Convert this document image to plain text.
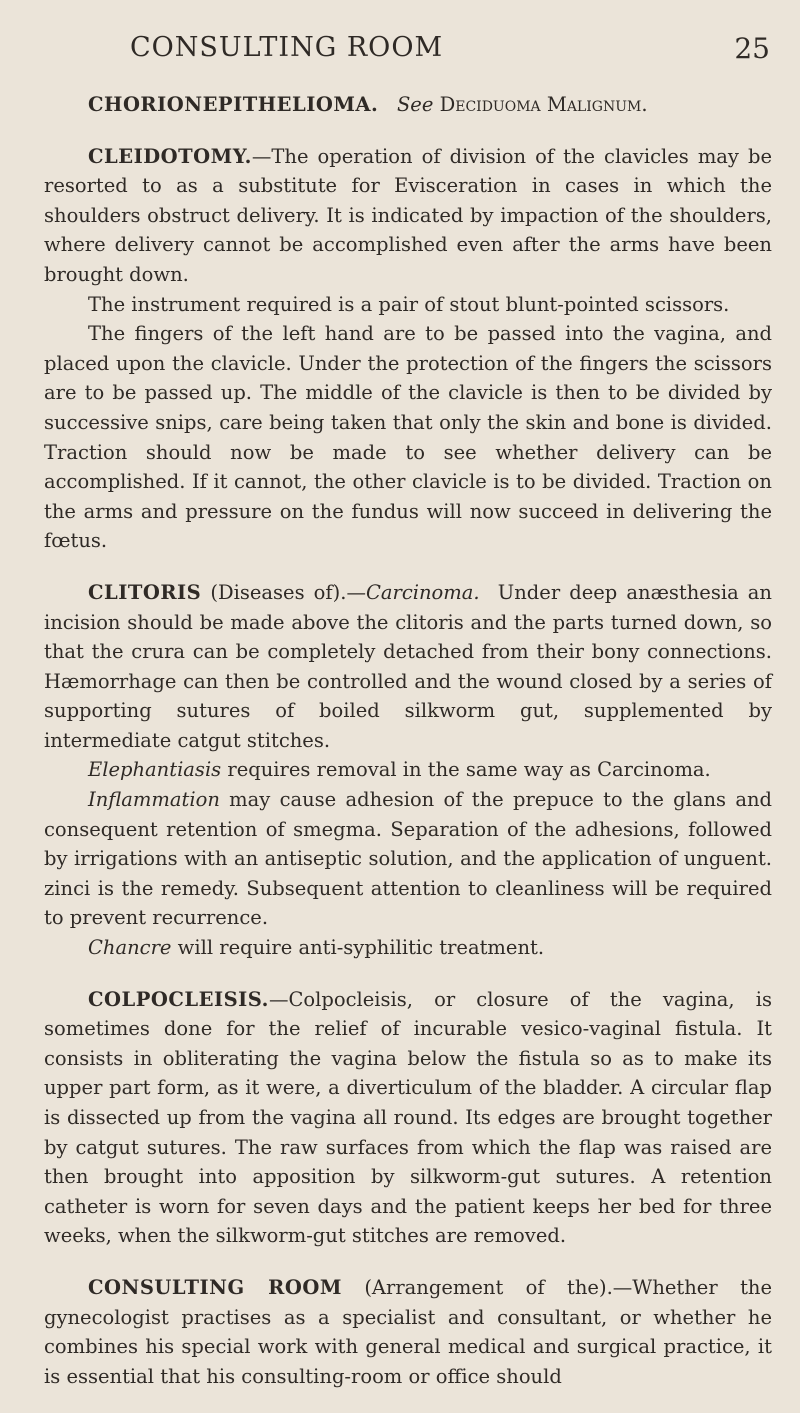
CONSULTING ROOM	25

CHORIONEPITHELIOMA. See Deciduoma Malignum.

CLEIDOTOMY.—The operation of division of the clavicles may be resorted to as a substitute for Evisceration in cases in which the shoulders obstruct delivery. It is indicated by impaction of the shoulders, where delivery cannot be accomplished even after the arms have been brought down.

The instrument required is a pair of stout blunt-pointed scissors.

The fingers of the left hand are to be passed into the vagina, and placed upon the clavicle. Under the protection of the fingers the scissors are to be passed up. The middle of the clavicle is then to be divided by successive snips, care being taken that only the skin and bone is divided. Traction should now be made to see whether delivery can be accomplished. If it cannot, the other clavicle is to be divided. Traction on the arms and pressure on the fundus will now succeed in delivering the fœtus.

CLITORIS (Diseases of).—Carcinoma. Under deep anæsthesia an incision should be made above the clitoris and the parts turned down, so that the crura can be completely detached from their bony connections. Hæmorrhage can then be controlled and the wound closed by a series of supporting sutures of boiled silkworm gut, supplemented by intermediate catgut stitches.

Elephantiasis requires removal in the same way as Carcinoma.

Inflammation may cause adhesion of the prepuce to the glans and consequent retention of smegma. Separation of the adhesions, followed by irrigations with an antiseptic solution, and the application of unguent. zinci is the remedy. Subsequent attention to cleanliness will be required to prevent recurrence.

Chancre will require anti-syphilitic treatment.

COLPOCLEISIS.—Colpocleisis, or closure of the vagina, is sometimes done for the relief of incurable vesico-vaginal fistula. It consists in obliterating the vagina below the fistula so as to make its upper part form, as it were, a diverticulum of the bladder. A circular flap is dissected up from the vagina all round. Its edges are brought together by catgut sutures. The raw surfaces from which the flap was raised are then brought into apposition by silkworm-gut sutures. A retention catheter is worn for seven days and the patient keeps her bed for three weeks, when the silkworm-gut stitches are removed.

CONSULTING ROOM (Arrangement of the).—Whether the gynecologist practises as a specialist and consultant, or whether he combines his special work with general medical and surgical practice, it is essential that his consulting-room or office should
